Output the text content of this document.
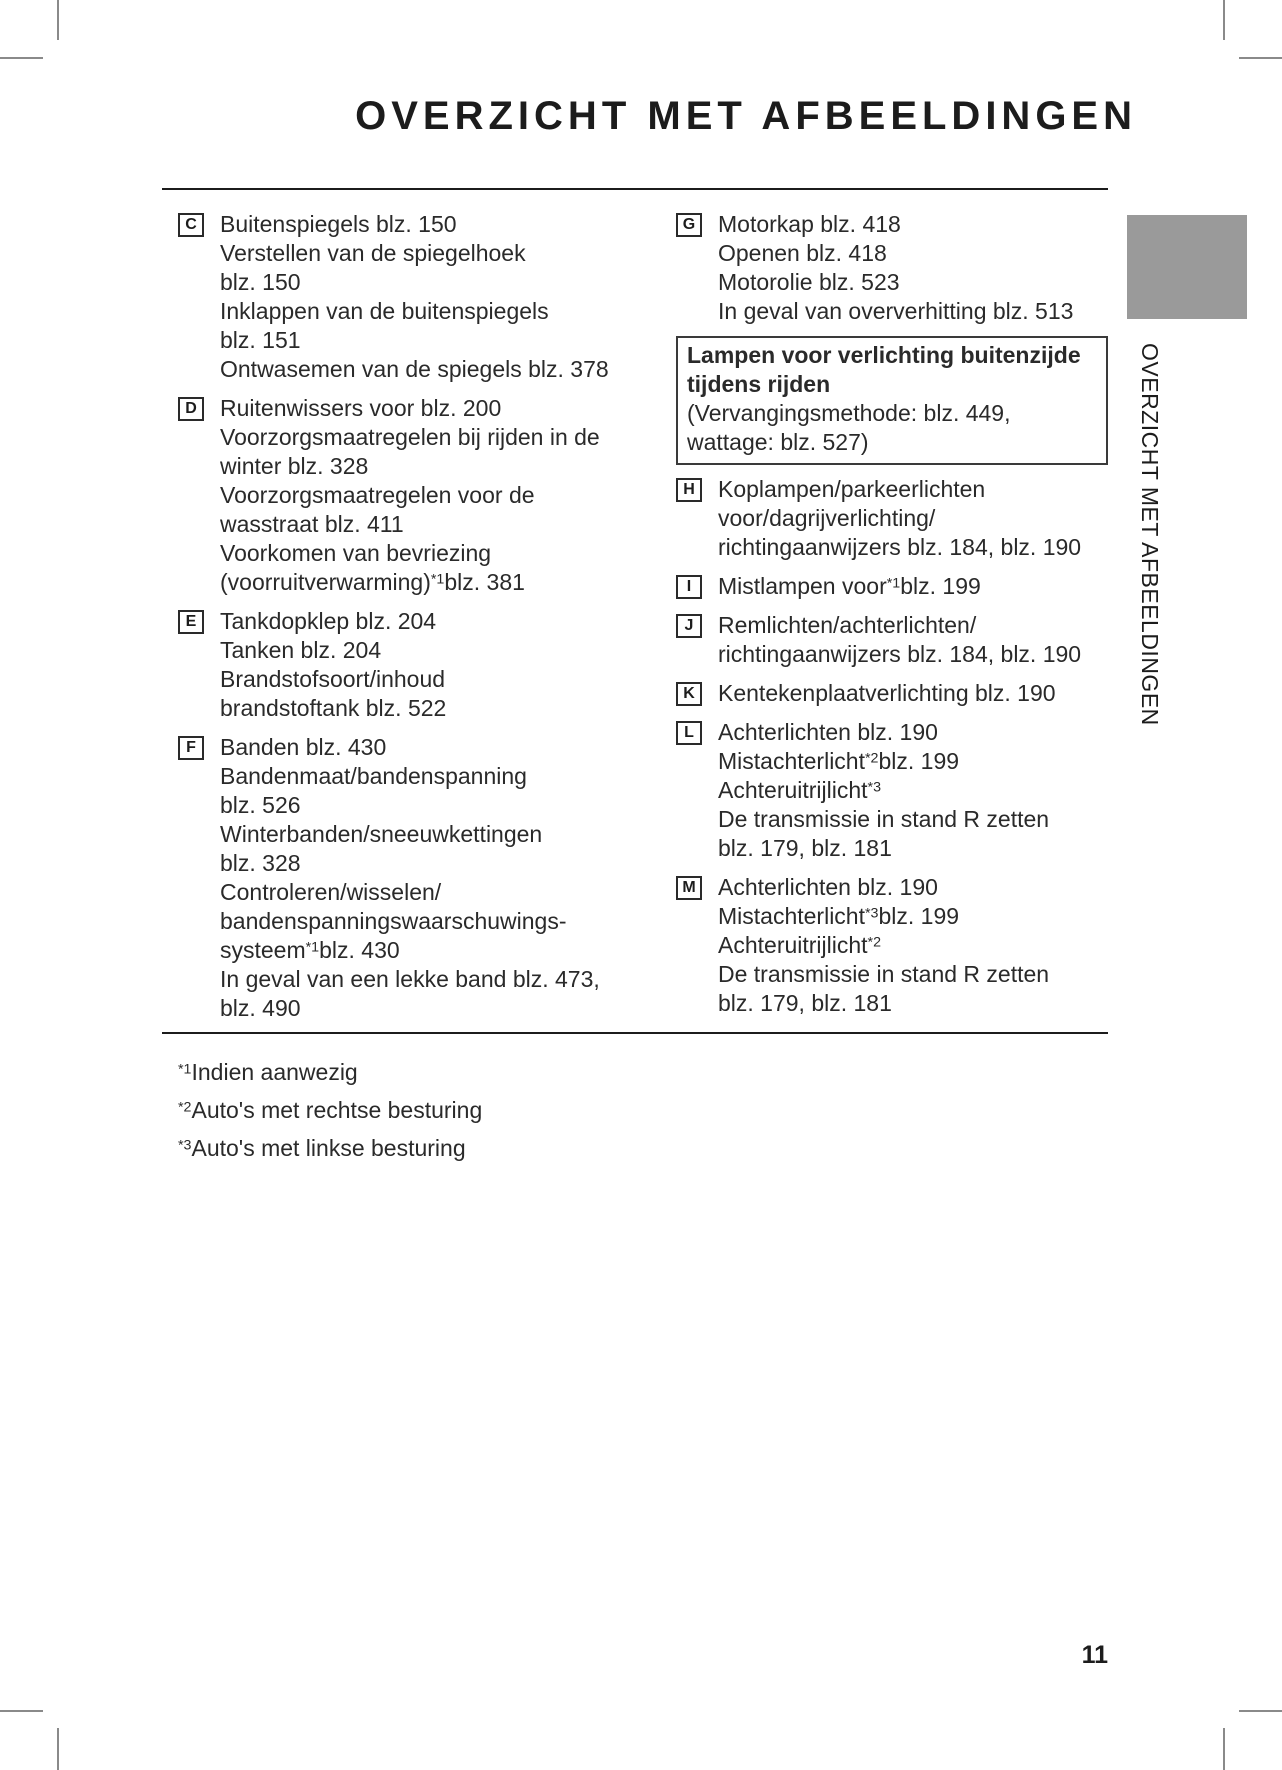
OVERZICHT MET AFBEELDINGEN
C	Buitenspiegels blz. 150
Verstellen van de spiegelhoek
blz. 150
Inklappen van de buitenspiegels
blz. 151
Ontwasemen van de spiegels blz. 378
D	Ruitenwissers voor blz. 200
Voorzorgsmaatregelen bij rijden in de
winter blz. 328
Voorzorgsmaatregelen voor de
wasstraat blz. 411
Voorkomen van bevriezing
(voorruitverwarming)$^{*1}$blz. 381
E	Tankdopklep blz. 204
Tanken blz. 204
Brandstofsoort/inhoud
brandstoftank blz. 522
F	Banden blz. 430
Bandenmaat/bandenspanning
blz. 526
Winterbanden/sneeuwkettingen
blz. 328
Controleren/wisselen/
bandenspanningswaarschuwings-
systeem$^{*1}$blz. 430
In geval van een lekke band blz. 473,
blz. 490
G Motorkap blz. 418
Openen blz. 418
Motorolie blz. 523
In geval van oververhitting blz. 513
Lampen voor verlichting buitenzijde
tijdens rijden
(Vervangingsmethode: blz. 449,
wattage: blz. 527)
H	Koplampen/parkeerlichten
voor/dagrijverlichting/
richtingaanwijzers blz. 184, blz. 190
I	Mistlampen voor$^{*1}$blz. 199
J	Remlichten/achterlichten/
richtingaanwijzers blz. 184, blz. 190
K	Kentekenplaatverlichting blz. 190
L	Achterlichten blz. 190
Mistachterlicht$^{*2}$blz. 199
Achteruitrijlicht$^{*3}$
De transmissie in stand R zetten
blz. 179, blz. 181
M Achterlichten blz. 190
Mistachterlicht$^{*3}$blz. 199
Achteruitrijlicht$^{*2}$
De transmissie in stand R zetten
blz. 179, blz. 181
$^{*1}$Indien aanwezig
$^{*2}$Auto's met rechtse besturing
$^{*3}$Auto's met linkse besturing
OVERZICHT MET AFBEELDINGEN
11
